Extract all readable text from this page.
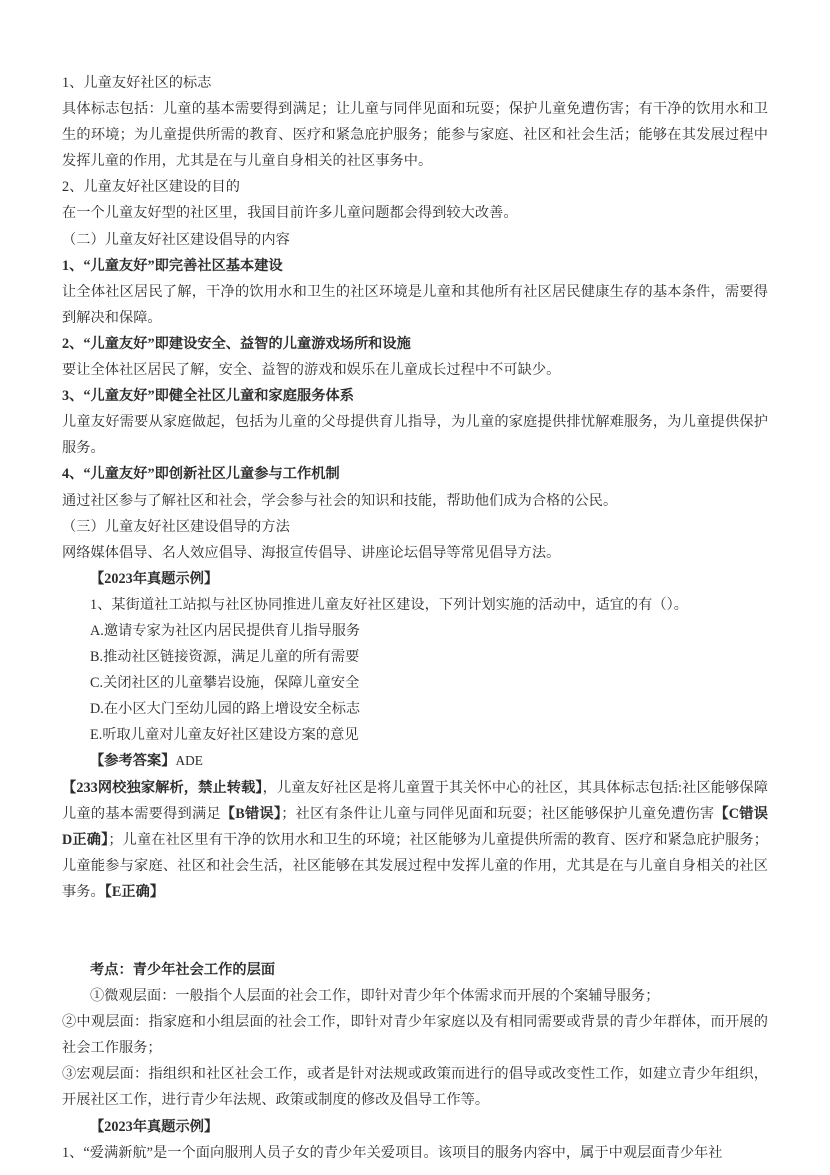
1、儿童友好社区的标志

具体标志包括：儿童的基本需要得到满足；让儿童与同伴见面和玩耍；保护儿童免遭伤害；有干净的饮用水和卫生的环境；为儿童提供所需的教育、医疗和紧急庇护服务；能参与家庭、社区和社会生活；能够在其发展过程中发挥儿童的作用，尤其是在与儿童自身相关的社区事务中。

2、儿童友好社区建设的目的

在一个儿童友好型的社区里，我国目前许多儿童问题都会得到较大改善。

（二）儿童友好社区建设倡导的内容

1、“儿童友好”即完善社区基本建设

让全体社区居民了解，干净的饮用水和卫生的社区环境是儿童和其他所有社区居民健康生存的基本条件，需要得到解决和保障。

2、“儿童友好”即建设安全、益智的儿童游戏场所和设施

要让全体社区居民了解，安全、益智的游戏和娱乐在儿童成长过程中不可缺少。

3、“儿童友好”即健全社区儿童和家庭服务体系

儿童友好需要从家庭做起，包括为儿童的父母提供育儿指导，为儿童的家庭提供排忧解难服务，为儿童提供保护服务。

4、“儿童友好”即创新社区儿童参与工作机制

通过社区参与了解社区和社会，学会参与社会的知识和技能，帮助他们成为合格的公民。

（三）儿童友好社区建设倡导的方法

网络媒体倡导、名人效应倡导、海报宣传倡导、讲座论坛倡导等常见倡导方法。

【2023年真题示例】

1、某街道社工站拟与社区协同推进儿童友好社区建设，下列计划实施的活动中，适宜的有（）。

A.邀请专家为社区内居民提供育儿指导服务

B.推动社区链接资源，满足儿童的所有需要

C.关闭社区的儿童攀岩设施，保障儿童安全

D.在小区大门至幼儿园的路上增设安全标志

E.听取儿童对儿童友好社区建设方案的意见

【参考答案】ADE

【233网校独家解析，禁止转载】，儿童友好社区是将儿童置于其关怀中心的社区，其具体标志包括:社区能够保障儿童的基本需要得到满足【B错误】；社区有条件让儿童与同伴见面和玩耍；社区能够保护儿童免遭伤害【C错误D正确】；儿童在社区里有干净的饮用水和卫生的环境；社区能够为儿童提供所需的教育、医疗和紧急庇护服务；儿童能参与家庭、社区和社会生活，社区能够在其发展过程中发挥儿童的作用，尤其是在与儿童自身相关的社区事务。【E正确】

考点：青少年社会工作的层面

①微观层面：一般指个人层面的社会工作，即针对青少年个体需求而开展的个案辅导服务；

②中观层面：指家庭和小组层面的社会工作，即针对青少年家庭以及有相同需要或背景的青少年群体，而开展的社会工作服务；

③宏观层面：指组织和社区社会工作，或者是针对法规或政策而进行的倡导或改变性工作，如建立青少年组织，开展社区工作，进行青少年法规、政策或制度的修改及倡导工作等。

【2023年真题示例】

1、“爱满新航”是一个面向服刑人员子女的青少年关爱项目。该项目的服务内容中，属于中观层面青少年社
